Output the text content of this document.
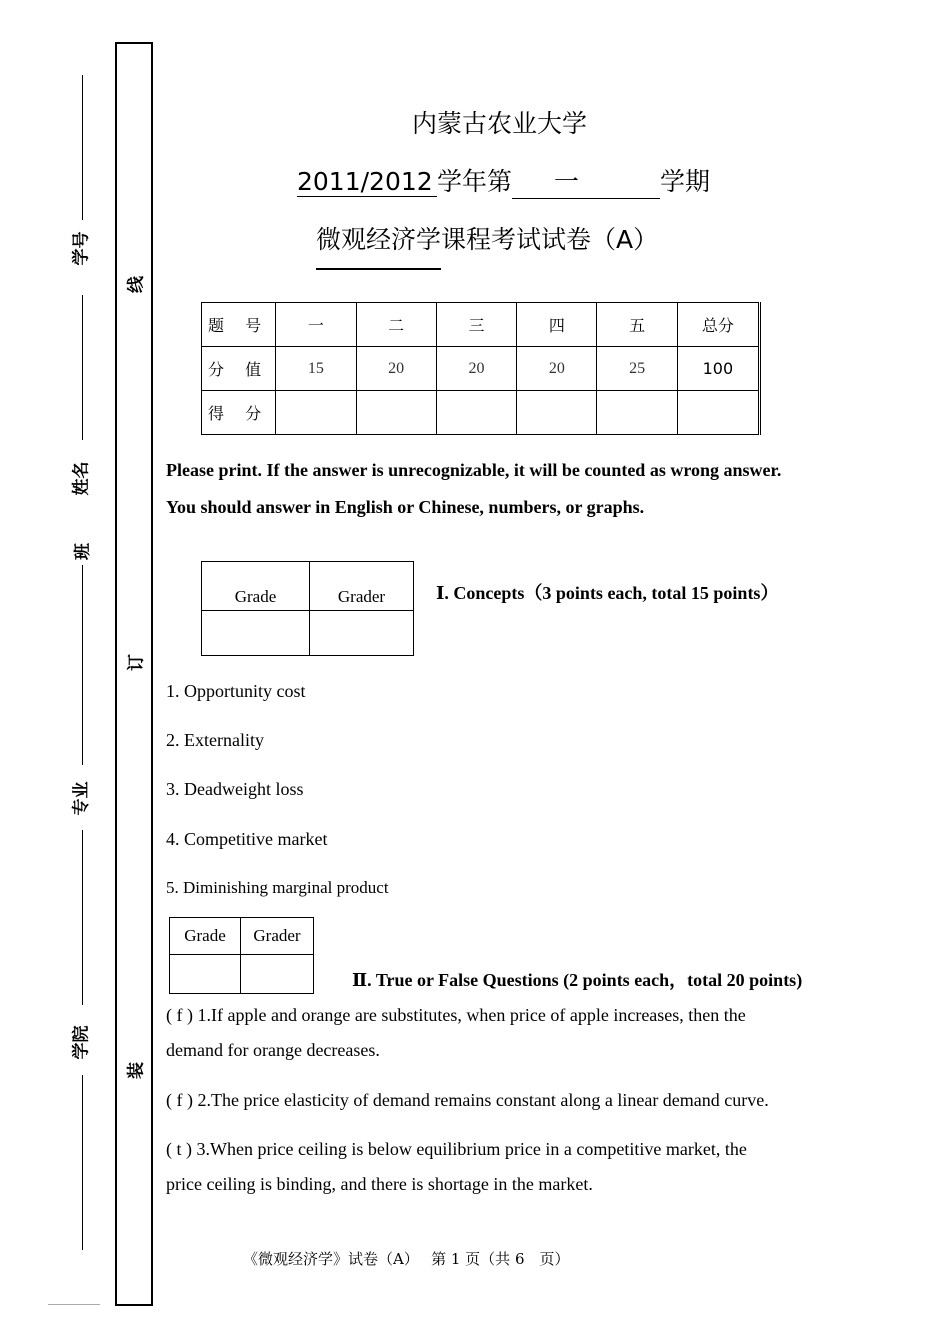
线
订
装
学号
姓名
班
专业
学院
内蒙古农业大学
2011/2012 学年第 一	学期
微观经济学课程考试试卷（A）
题 号	一	二	三	四	五	总分
分 值	15	20	20	20	25	100
得 分						
Please print. If the answer is unrecognizable, it will be counted as wrong answer.
You should answer in English or Chinese, numbers, or graphs.
Grade	Grader
		Ⅰ. Concepts（3 points each, total 15 points）
1. Opportunity cost
2. Externality
3. Deadweight loss
4. Competitive market
5. Diminishing marginal product
Grade	Grader

Ⅱ. True or False Questions (2 points each，total 20 points)
( f ) 1.If apple and orange are substitutes, when price of apple increases, then the
demand for orange decreases.
( f ) 2.The price elasticity of demand remains constant along a linear demand curve.
( t ) 3.When price ceiling is below equilibrium price in a competitive market, the
price ceiling is binding, and there is shortage in the market.
《微观经济学》试卷（A）　 第 1 页（共 6　页）
